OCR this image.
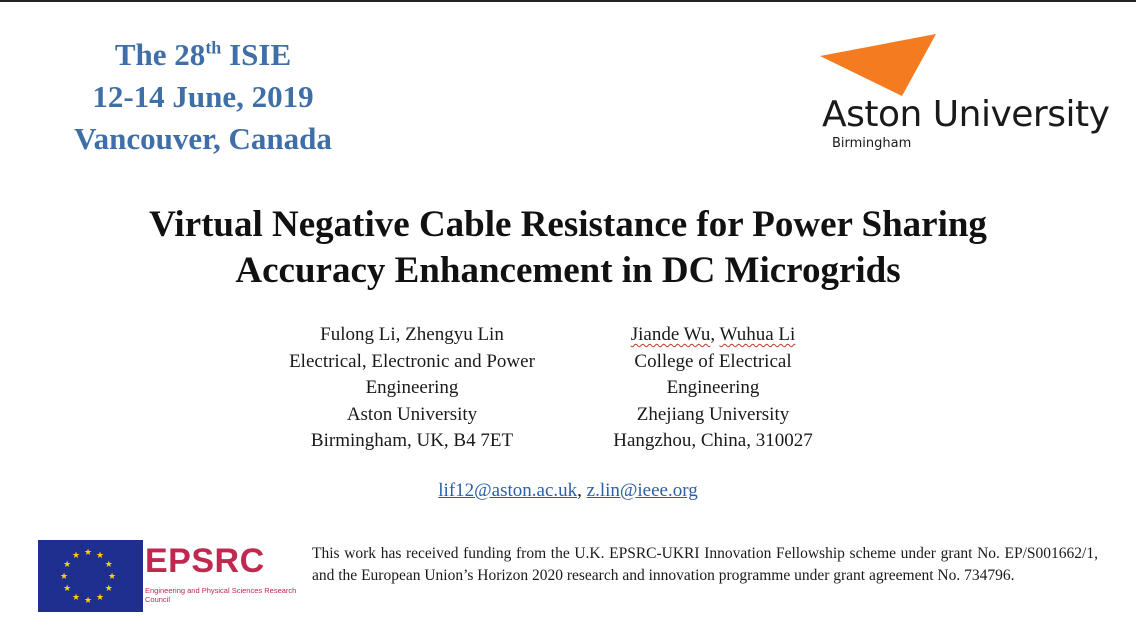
The 28th ISIE
12-14 June, 2019
Vancouver, Canada
Aston University
Birmingham
Virtual Negative Cable Resistance for Power Sharing
Accuracy Enhancement in DC Microgrids
Fulong Li, Zhengyu Lin
Electrical, Electronic and Power
Engineering
Aston University
Birmingham, UK, B4 7ET
Jiande Wu, Wuhua Li
College of Electrical
Engineering
Zhejiang University
Hangzhou, China, 310027
lif12@aston.ac.uk, z.lin@ieee.org
★ ★
★
★
★
★
★
★
★
★
★
★ EPSRC
Engineering and Physical Sciences Research Council
This work has received funding from the U.K. EPSRC-UKRI Innovation Fellowship scheme under grant No. EP/S001662/1, and the European Union’s Horizon 2020 research and innovation programme under grant agreement No. 734796.
